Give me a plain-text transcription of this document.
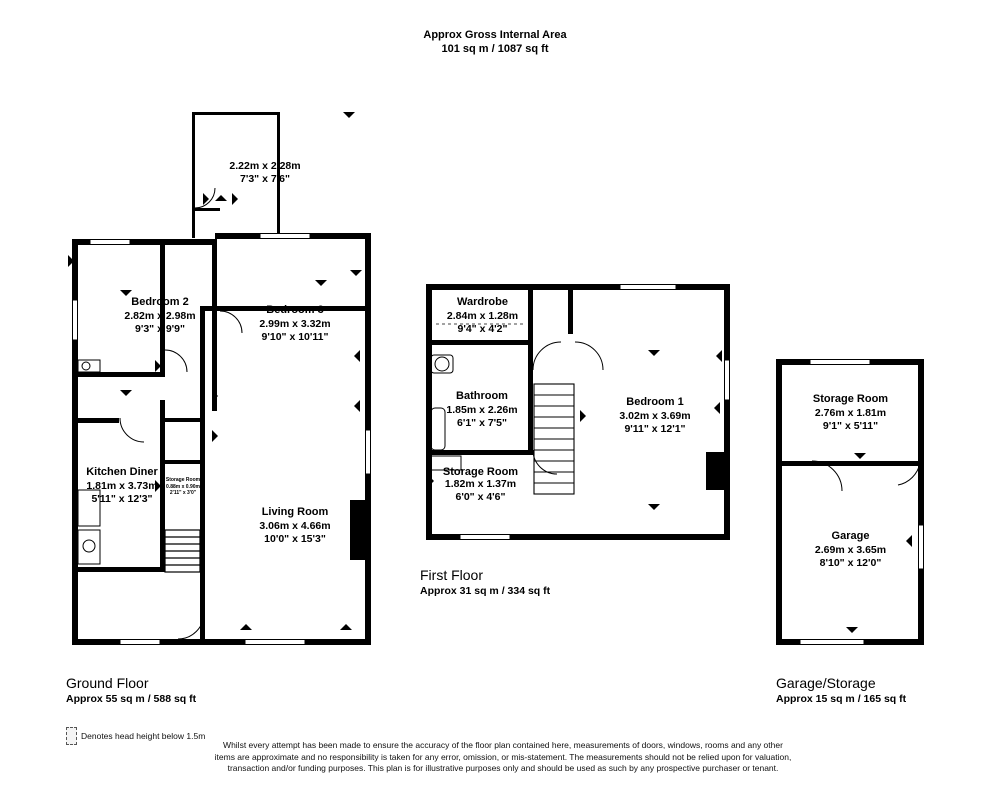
Approx Gross Internal Area
101 sq m / 1087 sq ft
2.22m x 2.28m
7'3" x 7'6"
Bedroom 2
2.82m x 2.98m
9'3" x 9'9"
Bedroom 3
2.99m x 3.32m
9'10" x 10'11"
Kitchen Diner
1.81m x 3.73m
5'11" x 12'3"
Storage Room
0.88m x 0.90m
2'11" x 3'0"
Living Room
3.06m x 4.66m
10'0" x 15'3"
Ground Floor
Approx 55 sq m / 588 sq ft
Wardrobe
2.84m x 1.28m
9'4" x 4'2"
Bathroom
1.85m x 2.26m
6'1" x 7'5"
Storage Room
1.82m x 1.37m
6'0" x 4'6"
Bedroom 1
3.02m x 3.69m
9'11" x 12'1"
First Floor
Approx 31 sq m / 334 sq ft
Storage Room
2.76m x 1.81m
9'1" x 5'11"
Garage
2.69m x 3.65m
8'10" x 12'0"
Garage/Storage
Approx 15 sq m / 165 sq ft
Denotes head height below 1.5m
Whilst every attempt has been made to ensure the accuracy of the floor plan contained here, measurements of doors, windows, rooms and any other items are approximate and no responsibility is taken for any error, omission, or mis-statement. The measurements should not be relied upon for valuation, transaction and/or funding purposes. This plan is for illustrative purposes only and should be used as such by any prospective purchaser or tenant.
